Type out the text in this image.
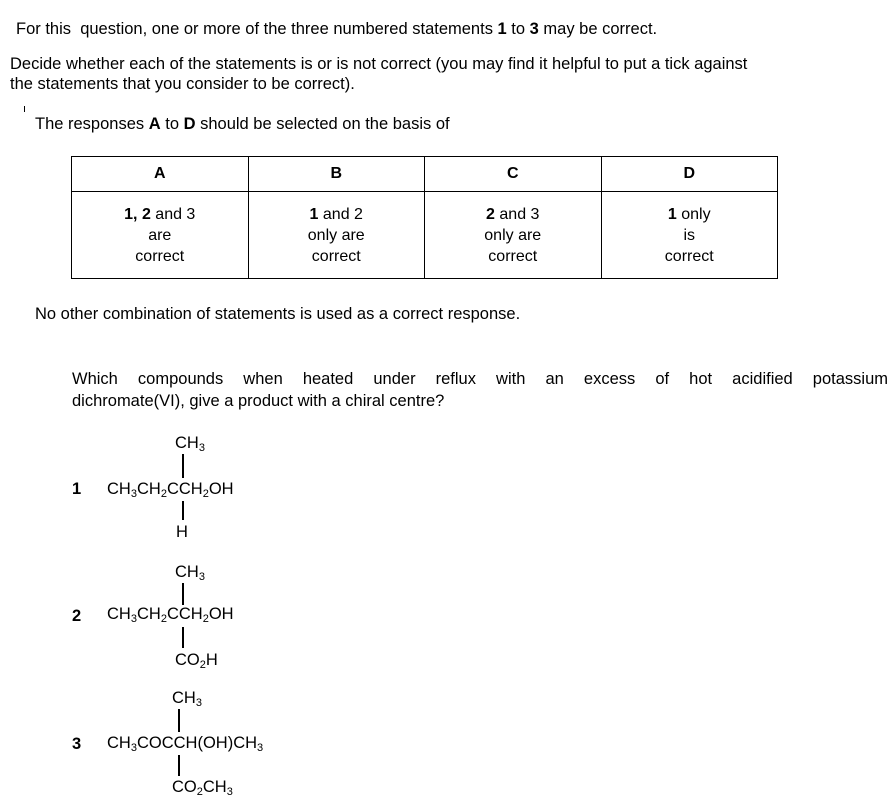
For this  question, one or more of the three numbered statements 1 to 3 may be correct.
Decide whether each of the statements is or is not correct (you may find it helpful to put a tick against
the statements that you consider to be correct).
The responses A to D should be selected on the basis of
A	B	C	D

1, 2 and 3
are
correct	1 and 2
only are
correct	2 and 3
only are
correct	1 only
is
correct
No other combination of statements is used as a correct response.
Which compounds when heated under reflux with an excess of hot acidified potassium
dichromate(VI), give a product with a chiral centre?
1
$CH_3$
$CH_3CH_2CCH_2OH$
H
2
$CH_3$
$CH_3CH_2CCH_2OH$
$CO_2H$
3
$CH_3$
$CH_3COCCH(OH)CH_3$
$CO_2CH_3$
